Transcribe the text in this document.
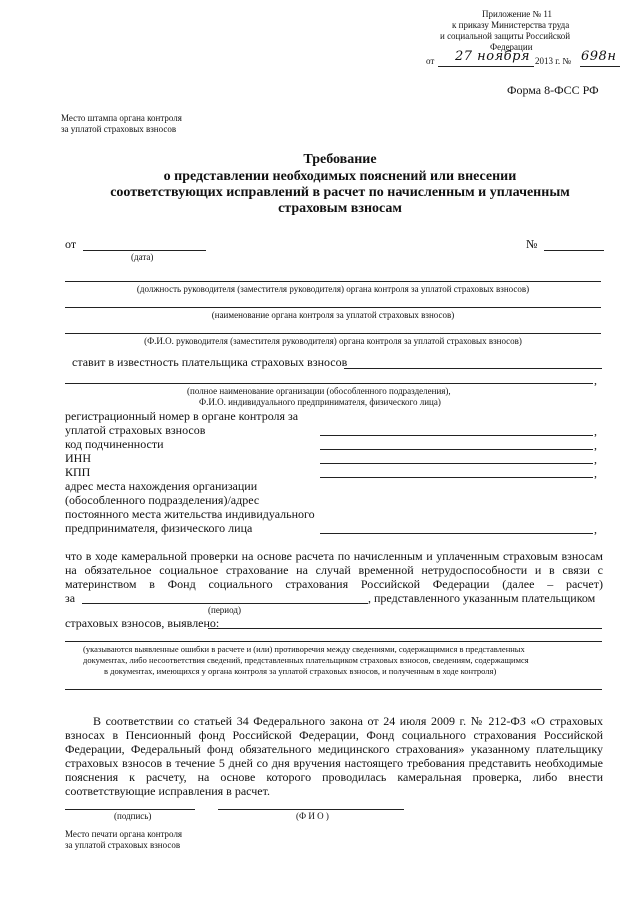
Приложение № 11
к приказу Министерства труда
и социальной защиты Российской
Федерации
от 27 ноября 2013 г. № 698н
Форма 8-ФСС РФ
Место штампа органа контроля
за уплатой страховых взносов
Требование
о представлении необходимых пояснений или внесении
соответствующих исправлений в расчет по начисленным и уплаченным
страховым взносам
от
(дата)
№
(должность руководителя (заместителя руководителя) органа контроля за уплатой страховых взносов)
(наименование органа контроля за уплатой страховых взносов)
(Ф.И.О. руководителя (заместителя руководителя) органа контроля за уплатой страховых взносов)
ставит в известность плательщика страховых взносов
,
(полное наименование организации (обособленного подразделения),
Ф.И.О. индивидуального предпринимателя, физического лица)
регистрационный номер в органе контроля за
уплатой страховых взносов	,
код подчиненности	,
ИНН	,
КПП	,
адрес места нахождения организации
(обособленного подразделения)/адрес
постоянного места жительства индивидуального
предпринимателя, физического лица	,
что в ходе камеральной проверки на основе расчета по начисленным и уплаченным страховым взносам
на обязательное социальное страхование на случай временной нетрудоспособности и в связи с
материнством в Фонд социального страхования Российской Федерации (далее – расчет)
за	, представленного указанным плательщиком
(период)
страховых взносов, выявлено:
(указываются выявленные ошибки в расчете и (или) противоречия между сведениями, содержащимися в представленных
документах, либо несоответствия сведений, представленных плательщиком страховых взносов, сведениям, содержащимся
в документах, имеющихся у органа контроля за уплатой страховых взносов, и полученным в ходе контроля)
В соответствии со статьей 34 Федерального закона от 24 июля 2009 г. № 212-ФЗ «О страховых
взносах в Пенсионный фонд Российской Федерации, Фонд социального страхования Российской
Федерации, Федеральный фонд обязательного медицинского страхования» указанному плательщику
страховых взносов в течение 5 дней со дня вручения настоящего требования представить необходимые
пояснения к расчету, на основе которого проводилась камеральная проверка, либо внести
соответствующие исправления в расчет.
(подпись)	(Ф И О )
Место печати органа контроля
за уплатой страховых взносов
